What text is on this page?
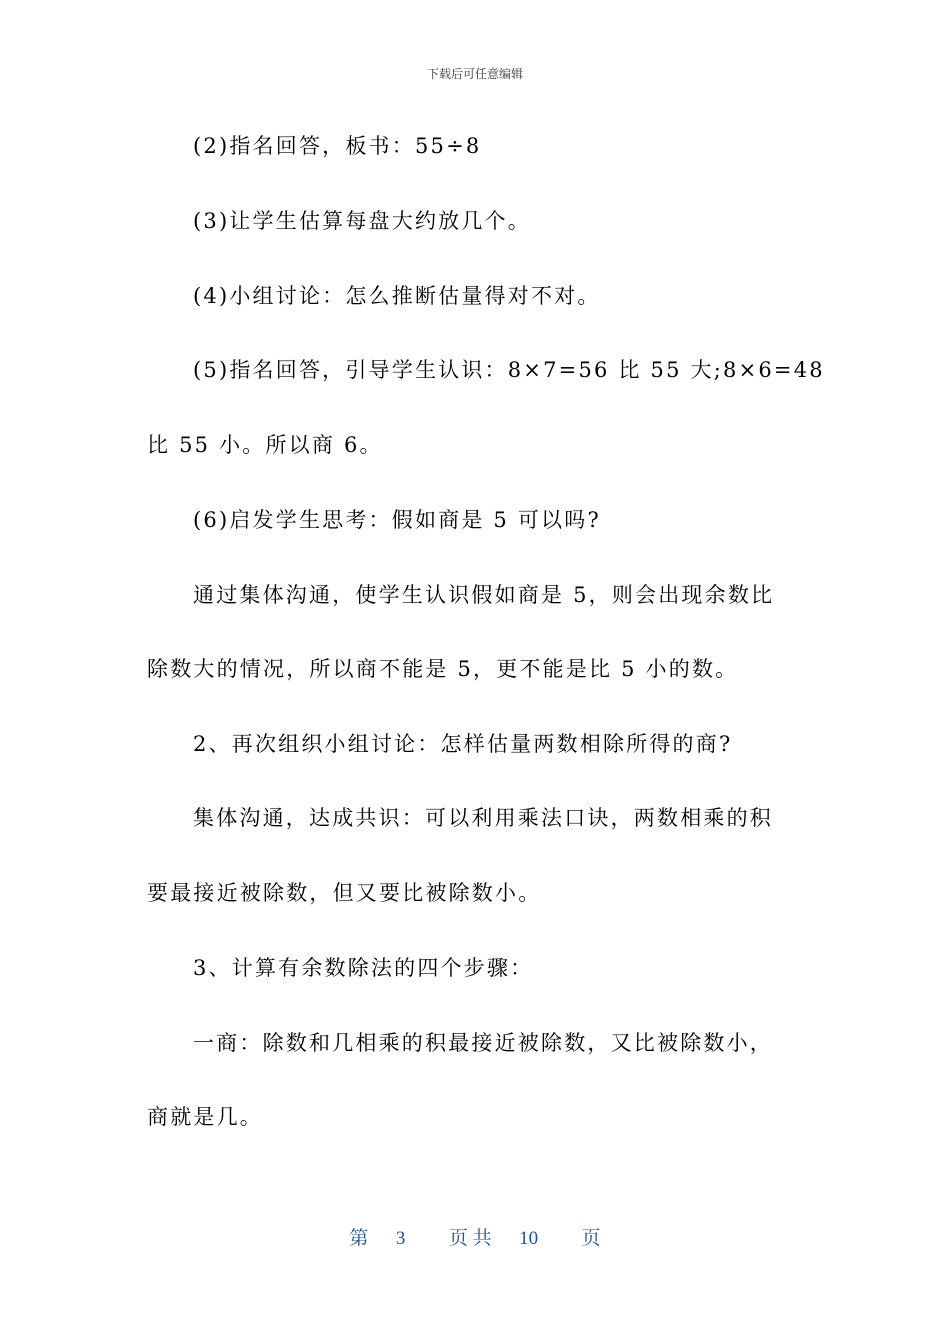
下载后可任意编辑
(2)指名回答，板书：55÷8
(3)让学生估算每盘大约放几个。
(4)小组讨论：怎么推断估量得对不对。
(5)指名回答，引导学生认识：8×7=56 比 55 大;8×6=48
比 55 小。所以商 6。
(6)启发学生思考：假如商是 5 可以吗?
通过集体沟通，使学生认识假如商是 5，则会出现余数比
除数大的情况，所以商不能是 5，更不能是比 5 小的数。
2、再次组织小组讨论：怎样估量两数相除所得的商?
集体沟通，达成共识：可以利用乘法口诀，两数相乘的积
要最接近被除数，但又要比被除数小。
3、计算有余数除法的四个步骤：
一商：除数和几相乘的积最接近被除数，又比被除数小，
商就是几。
第 3 页 共 10 页
